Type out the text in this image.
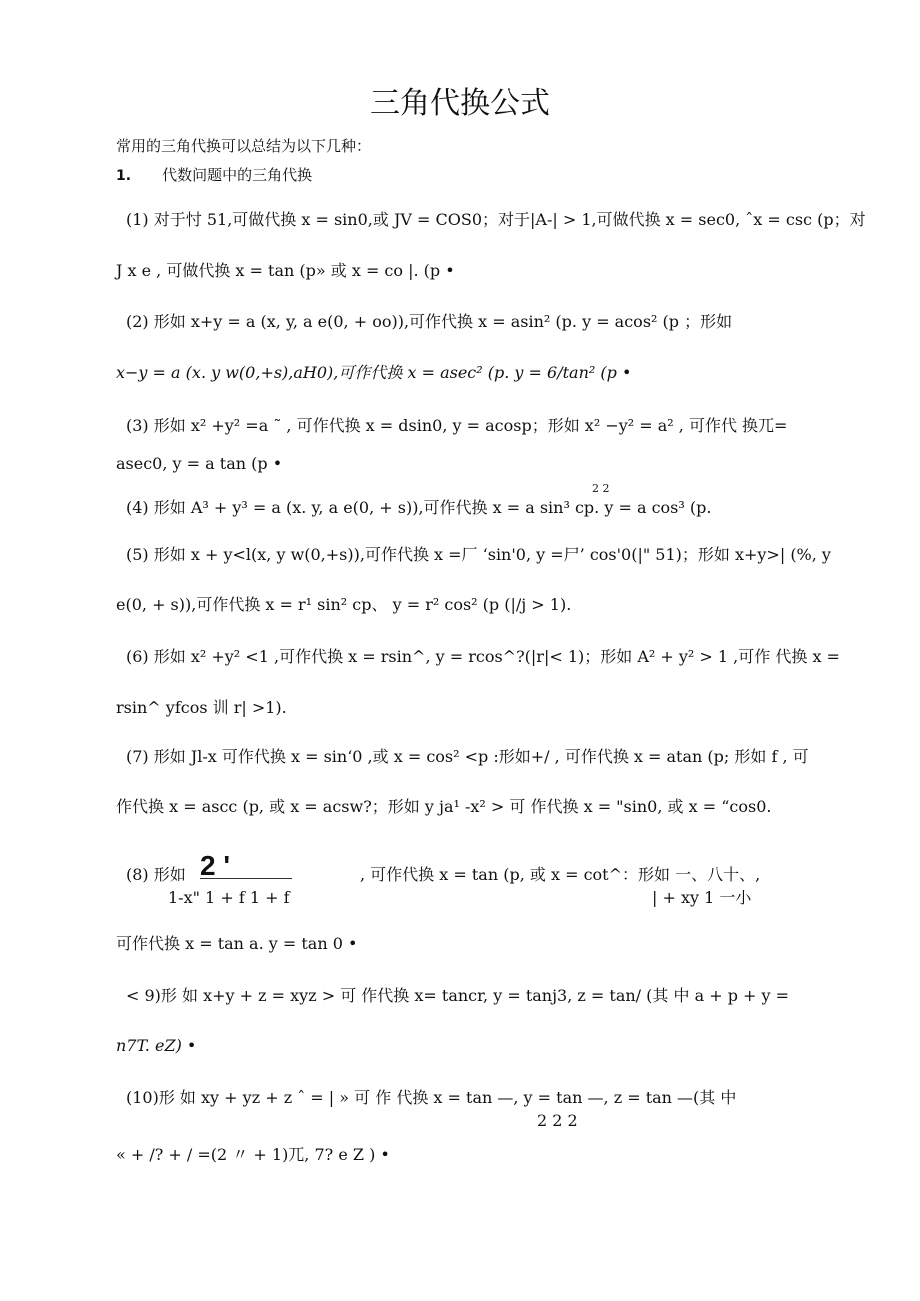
三角代换公式
常用的三角代换可以总结为以下几种：
1. 代数问题中的三角代换
(1) 对于忖 51,可做代换 x = sin0,或 JV = COS0；对于|A-| > 1,可做代换 x = sec0, ˆx = csc (p；对
J x e , 可做代换 x = tan (p» 或 x = co |. (p •
(2) 形如 x+y = a (x, y, a e(0, + oo)),可作代换 x = asin² (p. y = acos² (p ；形如
x−y = a (x. y w(0,+s),aH0),可作代换 x = asec² (p. y = 6/tan² (p •
(3) 形如 x² +y² =a ˜ , 可作代换 x = dsin0, y = acosp；形如 x² −y² = a² , 可作代 换兀=
asec0, y = a tan (p •
2 2
(4) 形如 A³ + y³ = a (x. y, a e(0, + s)),可作代换 x = a sin³ cp. y = a cos³ (p.
(5) 形如 x + y<l(x, y w(0,+s)),可作代换 x =厂 ‘sin'0, y =尸’ cos'0(|" 51)；形如 x+y>| (%, y
e(0, + s)),可作代换 x = r¹ sin² cp、 y = r² cos² (p (|/j > 1).
(6) 形如 x² +y² <1 ,可作代换 x = rsin^, y = rcos^?(|r|< 1)；形如 A² + y² > 1 ,可作 代换 x =
rsin^ yfcos 训 r| >1).
(7) 形如 Jl-x 可作代换 x = sin‘0 ,或 x = cos² <p :形如+/ , 可作代换 x = atan (p; 形如 f , 可
作代换 x = ascc (p, 或 x = acsw?；形如 y ja¹ -x² > 可 作代换 x = "sin0, 或 x = “cos0.
(8) 形如 2 '	, 可作代换 x = tan (p, 或 x = cot^：形如 一、八十、,
1-x" 1 + f 1 + f	| + xy 1 一小
可作代换 x = tan a. y = tan 0 •
< 9)形 如 x+y + z = xyz > 可 作代换 x= tancr, y = tanj3, z = tan/ (其 中 a + p + y =
n7T. eZ) •
(10)形 如 xy + yz + z ˆ = | » 可 作 代换 x = tan —, y = tan —, z = tan —(其 中
2 2 2
« + /? + / =(2 〃 + 1)兀, 7? e Z ) •
